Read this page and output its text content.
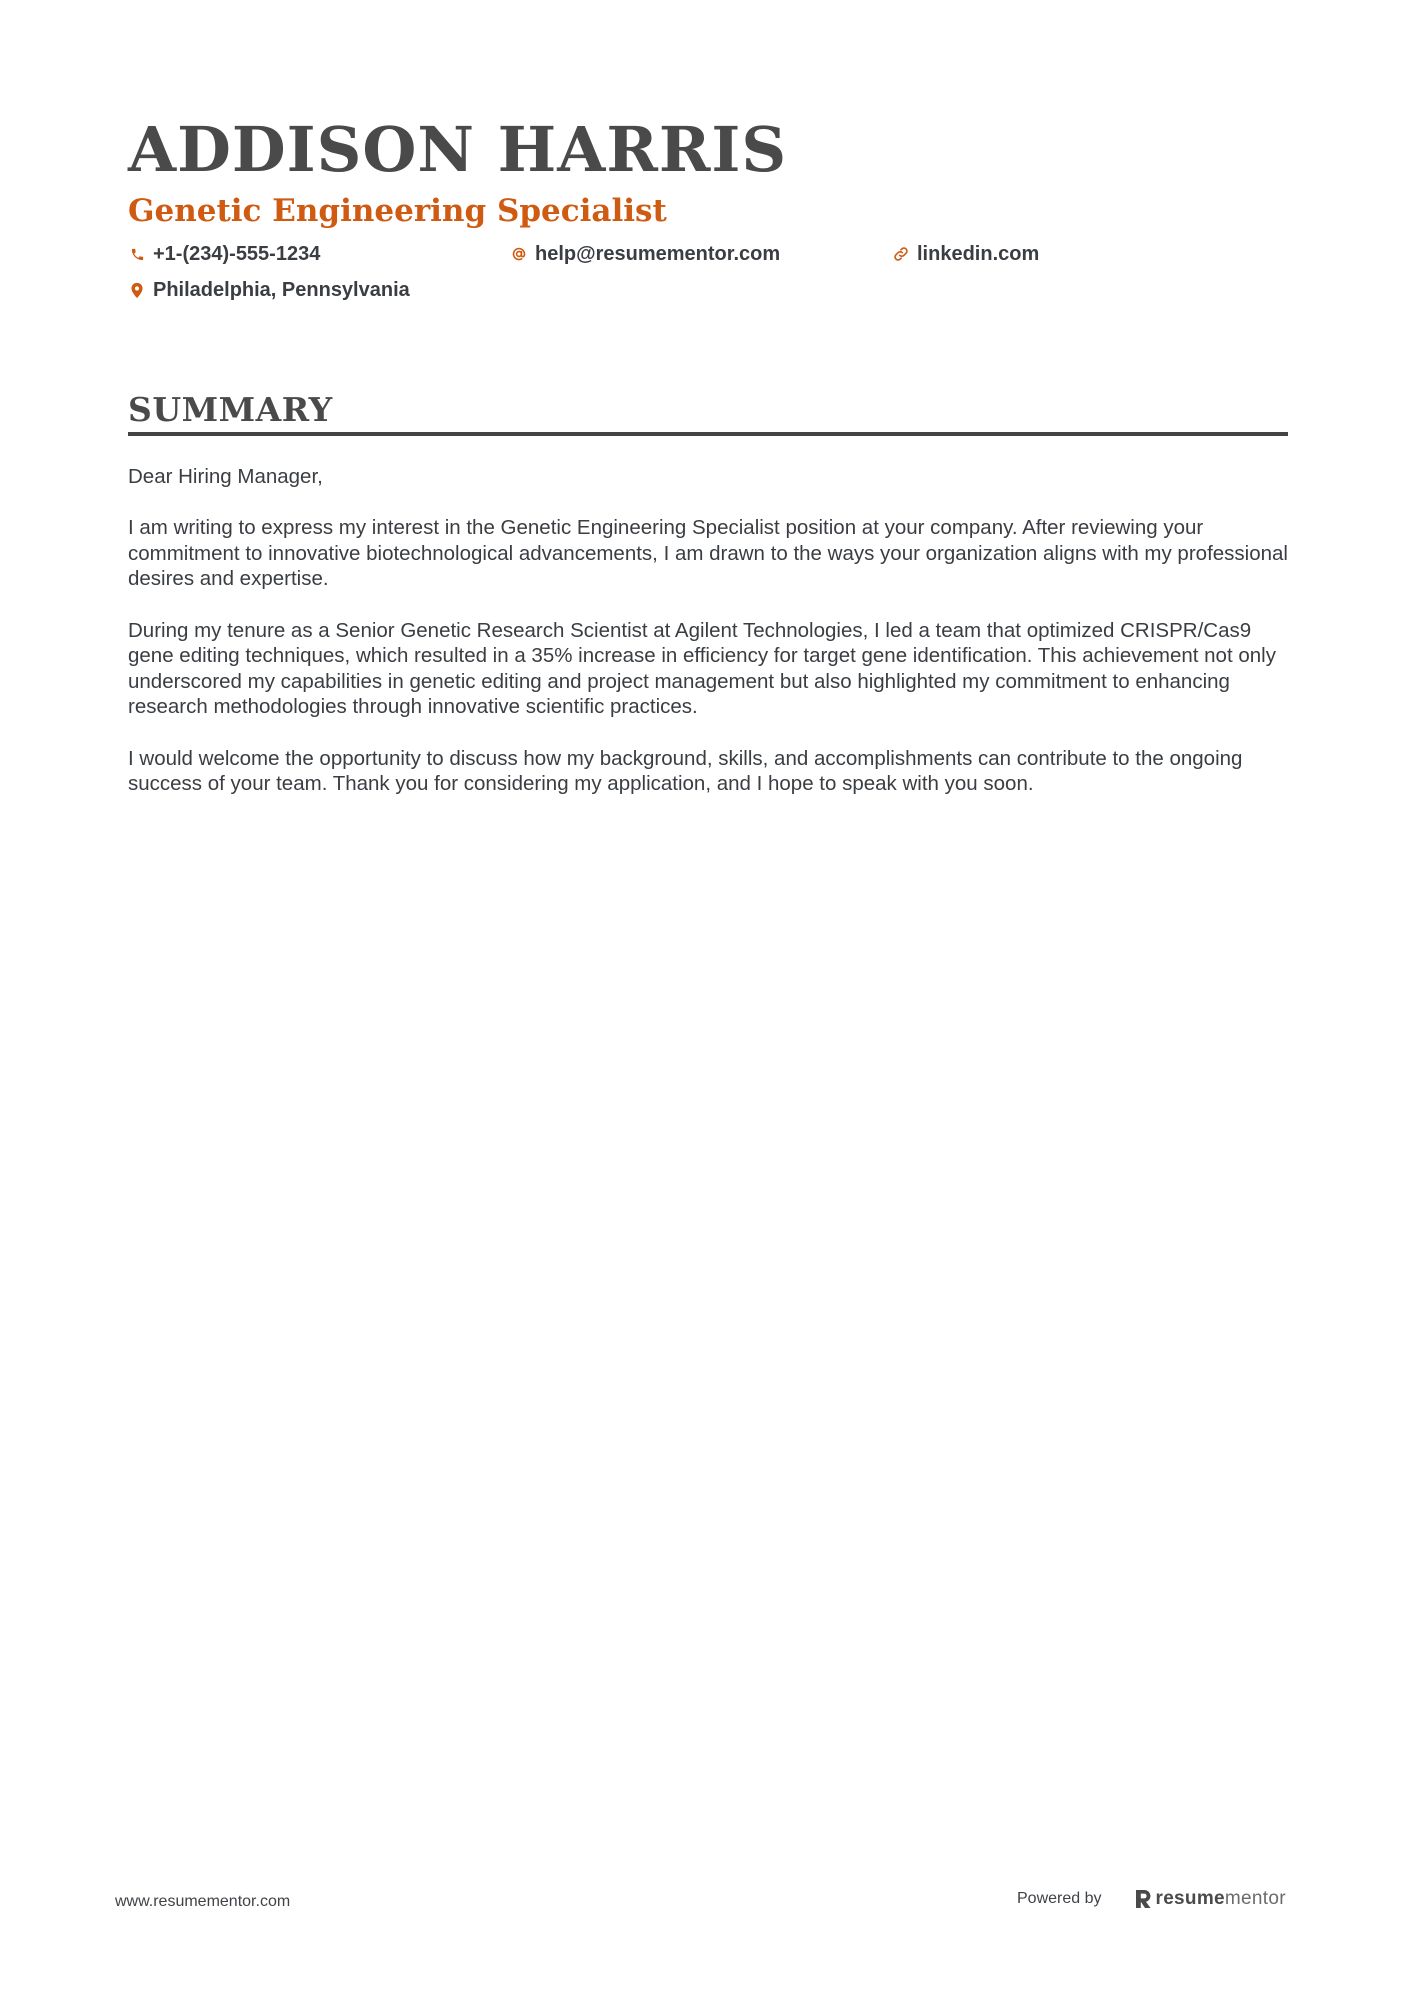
ADDISON HARRIS
Genetic Engineering Specialist
+1-(234)-555-1234	help@resumementor.com	linkedin.com
Philadelphia, Pennsylvania
SUMMARY

Dear Hiring Manager,

I am writing to express my interest in the Genetic Engineering Specialist position at your company. After reviewing your commitment to innovative biotechnological advancements, I am drawn to the ways your organization aligns with my professional desires and expertise.

During my tenure as a Senior Genetic Research Scientist at Agilent Technologies, I led a team that optimized CRISPR/Cas9 gene editing techniques, which resulted in a 35% increase in efficiency for target gene identification. This achievement not only underscored my capabilities in genetic editing and project management but also highlighted my commitment to enhancing research methodologies through innovative scientific practices.

I would welcome the opportunity to discuss how my background, skills, and accomplishments can contribute to the ongoing success of your team. Thank you for considering my application, and I hope to speak with you soon.

www.resumementor.com	Powered by	resume mentor
